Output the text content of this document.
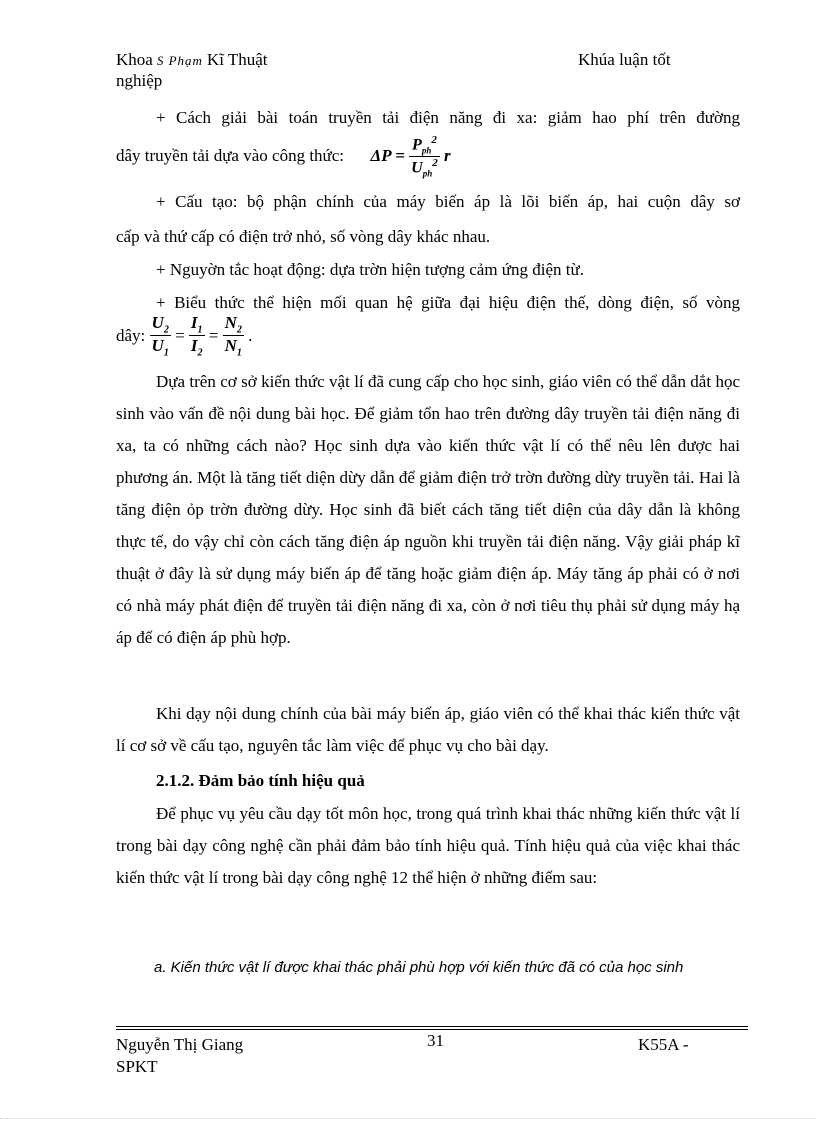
Khoa S Phạm Kĩ Thuật
nghiệp
Khúa luận tốt
+ Cách giải bài toán truyền tải điện năng đi xa: giảm hao phí trên đường
dây truyền tải dựa vào công thức: $\Delta P = \frac{P_{ph}^2}{U_{ph}^2}$ r
+ Cấu tạo: bộ phận chính của máy biến áp là lõi biến áp, hai cuộn dây sơ
cấp và thứ cấp có điện trở nhỏ, số vòng dây khác nhau.
+ Nguyờn tắc hoạt động: dựa trờn hiện tượng cảm ứng điện từ.
+ Biểu thức thể hiện mối quan hệ giữa đại hiệu điện thế, dòng điện, số vòng
dây: $\frac{U_2}{U_1} = \frac{I_1}{I_2} = \frac{N_2}{N_1}$ .

Dựa trên cơ sở kiến thức vật lí đã cung cấp cho học sinh, giáo viên có thể dẫn dắt học sinh vào vấn đề nội dung bài học. Để giảm tổn hao trên đường dây truyền tải điện năng đi xa, ta có những cách nào? Học sinh dựa vào kiến thức vật lí có thể nêu lên được hai phương án. Một là tăng tiết diện dừy dẫn để giảm điện trở trờn đường dừy truyền tải. Hai là tăng điện ỏp trờn đường dừy. Học sinh đã biết cách tăng tiết diện của dây dẫn là không thực tế, do vậy chỉ còn cách tăng điện áp nguồn khi truyền tải điện năng. Vậy giải pháp kĩ thuật ở đây là sử dụng máy biến áp để tăng hoặc giảm điện áp. Máy tăng áp phải có ở nơi có nhà máy phát điện để truyền tải điện năng đi xa, còn ở nơi tiêu thụ phải sử dụng máy hạ áp để có điện áp phù hợp.

Khi dạy nội dung chính của bài máy biến áp, giáo viên có thể khai thác kiến thức vật lí cơ sở về cấu tạo, nguyên tắc làm việc để phục vụ cho bài dạy.

2.1.2. Đảm bảo tính hiệu quả

Để phục vụ yêu cầu dạy tốt môn học, trong quá trình khai thác những kiến thức vật lí trong bài dạy công nghệ cần phải đảm bảo tính hiệu quả. Tính hiệu quả của việc khai thác kiến thức vật lí trong bài dạy công nghệ 12 thể hiện ở những điểm sau:

a. Kiến thức vật lí được khai thác phải phù hợp với kiến thức đã có của học sinh
Nguyễn Thị Giang
SPKT
31	K55A -
